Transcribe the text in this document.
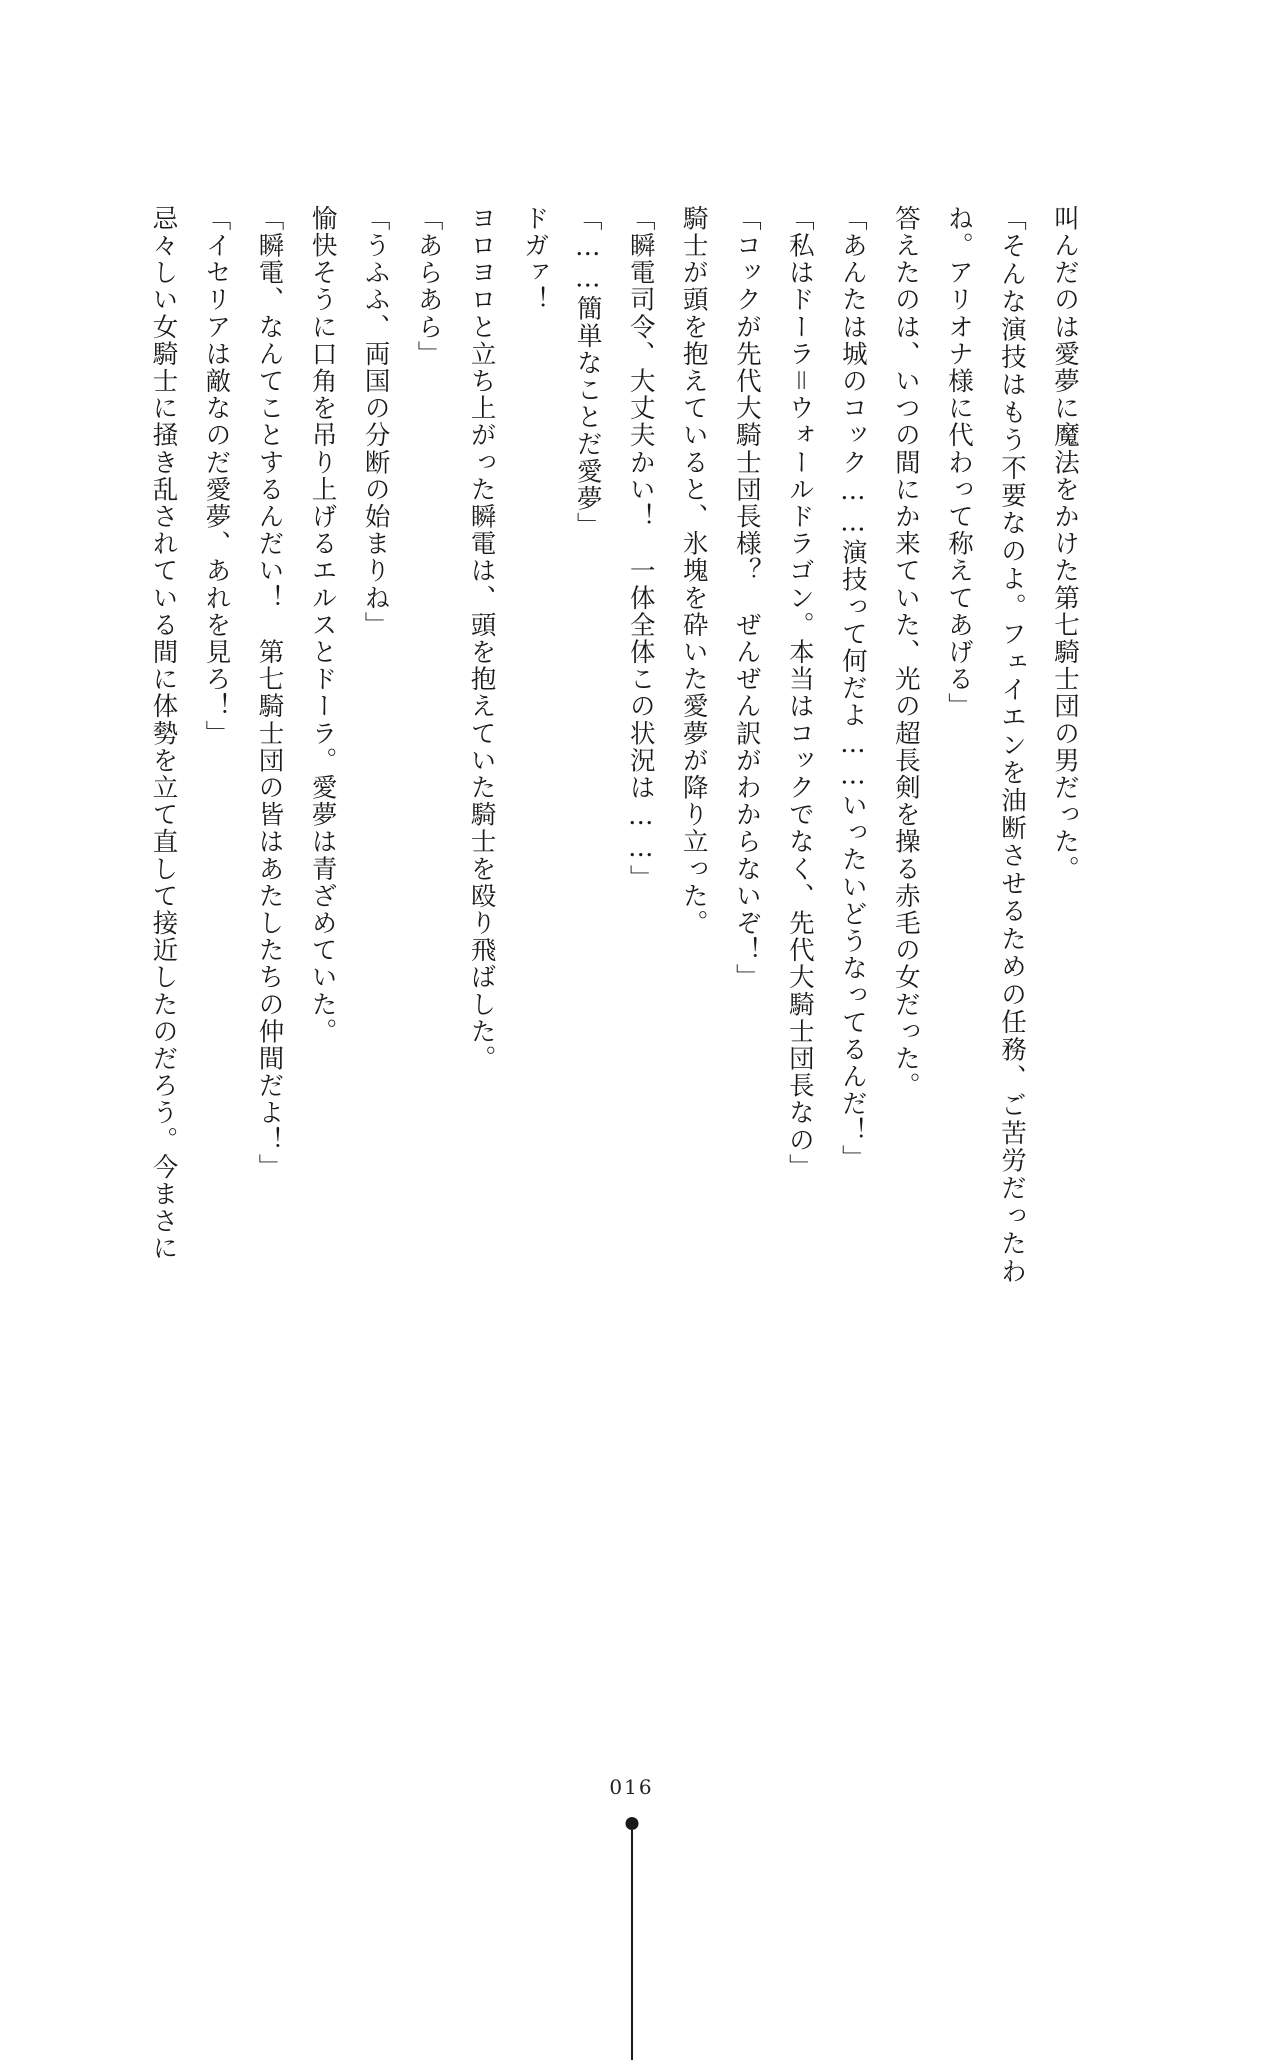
叫んだのは愛夢に魔法をかけた第七騎士団の男だった。

「そんな演技はもう不要なのよ。フェイエンを油断させるための任務、ご苦労だったわね。アリオナ様に代わって称えてあげる」

答えたのは、いつの間にか来ていた、光の超長剣を操る赤毛の女だった。

「あんたは城のコック……演技って何だよ……いったいどうなってるんだ！」

「私はドーラ＝ウォールドラゴン。本当はコックでなく、先代大騎士団長なの」

「コックが先代大騎士団長様？　ぜんぜん訳がわからないぞ！」

騎士が頭を抱えていると、氷塊を砕いた愛夢が降り立った。

「瞬電司令、大丈夫かい！　一体全体この状況は……」

「……簡単なことだ愛夢」

ドガァ！

ヨロヨロと立ち上がった瞬電は、頭を抱えていた騎士を殴り飛ばした。

「あらあら」

「うふふ、両国の分断の始まりね」

愉快そうに口角を吊り上げるエルスとドーラ。愛夢は青ざめていた。

「瞬電、なんてことするんだい！　第七騎士団の皆はあたしたちの仲間だよ！」

「イセリアは敵なのだ愛夢、あれを見ろ！」

忌々しい女騎士に掻き乱されている間に体勢を立て直して接近したのだろう。今まさに

016
